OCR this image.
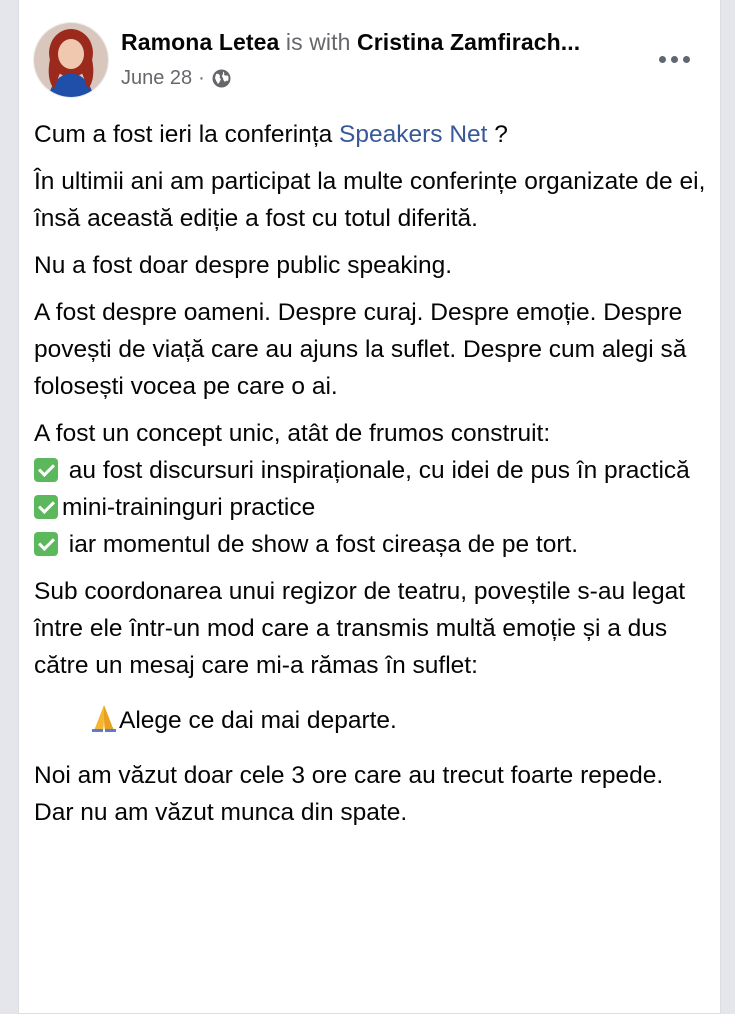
Ramona Letea is with Cristina Zamfirach...
June 28 ·

Cum a fost ieri la conferința Speakers Net ?

În ultimii ani am participat la multe conferințe organizate de ei, însă această ediție a fost cu totul diferită.

Nu a fost doar despre public speaking.

A fost despre oameni. Despre curaj. Despre emoție. Despre povești de viață care au ajuns la suflet. Despre cum alegi să folosești vocea pe care o ai.

A fost un concept unic, atât de frumos construit:
au fost discursuri inspiraționale, cu idei de pus în practică
mini-traininguri practice
iar momentul de show a fost cireașa de pe tort.

Sub coordonarea unui regizor de teatru, poveștile s-au legat între ele într-un mod care a transmis multă emoție și a dus către un mesaj care mi-a rămas în suflet:

Alege ce dai mai departe.

Noi am văzut doar cele 3 ore care au trecut foarte repede.
Dar nu am văzut munca din spate.
